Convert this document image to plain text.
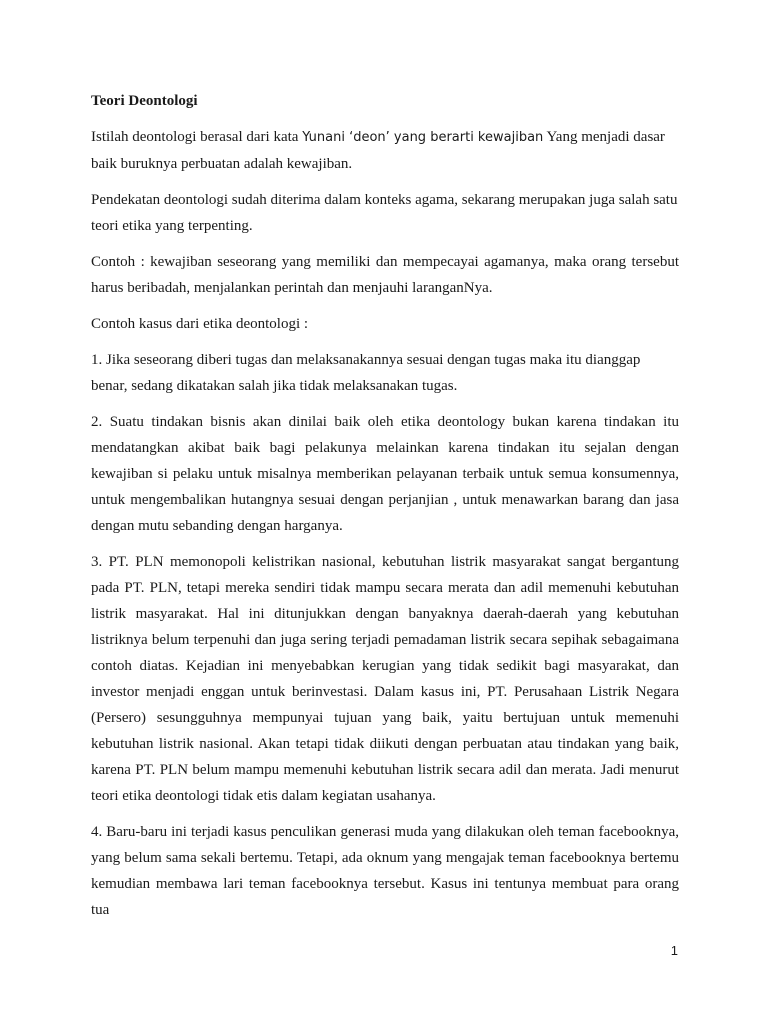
Teori Deontologi

Istilah deontologi berasal dari kata Yunani ‘deon’ yang berarti kewajiban Yang menjadi dasar baik buruknya perbuatan adalah kewajiban.

Pendekatan deontologi sudah diterima dalam konteks agama, sekarang merupakan juga salah satu teori etika yang terpenting.

Contoh : kewajiban seseorang yang memiliki dan mempecayai agamanya, maka orang tersebut harus beribadah, menjalankan perintah dan menjauhi laranganNya.

Contoh kasus dari etika deontologi :

1. Jika seseorang diberi tugas dan melaksanakannya sesuai dengan tugas maka itu dianggap benar, sedang dikatakan salah jika tidak melaksanakan tugas.

2. Suatu tindakan bisnis akan dinilai baik oleh etika deontology bukan karena tindakan itu mendatangkan akibat baik bagi pelakunya melainkan karena tindakan itu sejalan dengan kewajiban si pelaku untuk misalnya memberikan pelayanan terbaik untuk semua konsumennya, untuk mengembalikan hutangnya sesuai dengan perjanjian , untuk menawarkan barang dan jasa dengan mutu sebanding dengan harganya.

3. PT. PLN memonopoli kelistrikan nasional, kebutuhan listrik masyarakat sangat bergantung pada PT. PLN, tetapi mereka sendiri tidak mampu secara merata dan adil memenuhi kebutuhan listrik masyarakat. Hal ini ditunjukkan dengan banyaknya daerah-daerah yang kebutuhan listriknya belum terpenuhi dan juga sering terjadi pemadaman listrik secara sepihak sebagaimana contoh diatas. Kejadian ini menyebabkan kerugian yang tidak sedikit bagi masyarakat, dan investor menjadi enggan untuk berinvestasi. Dalam kasus ini, PT. Perusahaan Listrik Negara (Persero) sesungguhnya mempunyai tujuan yang baik, yaitu bertujuan untuk memenuhi kebutuhan listrik nasional. Akan tetapi tidak diikuti dengan perbuatan atau tindakan yang baik, karena PT. PLN belum mampu memenuhi kebutuhan listrik secara adil dan merata. Jadi menurut teori etika deontologi tidak etis dalam kegiatan usahanya.

4. Baru-baru ini terjadi kasus penculikan generasi muda yang dilakukan oleh teman facebooknya, yang belum sama sekali bertemu. Tetapi, ada oknum yang mengajak teman facebooknya bertemu kemudian membawa lari teman facebooknya tersebut. Kasus ini tentunya membuat para orang tua

1
